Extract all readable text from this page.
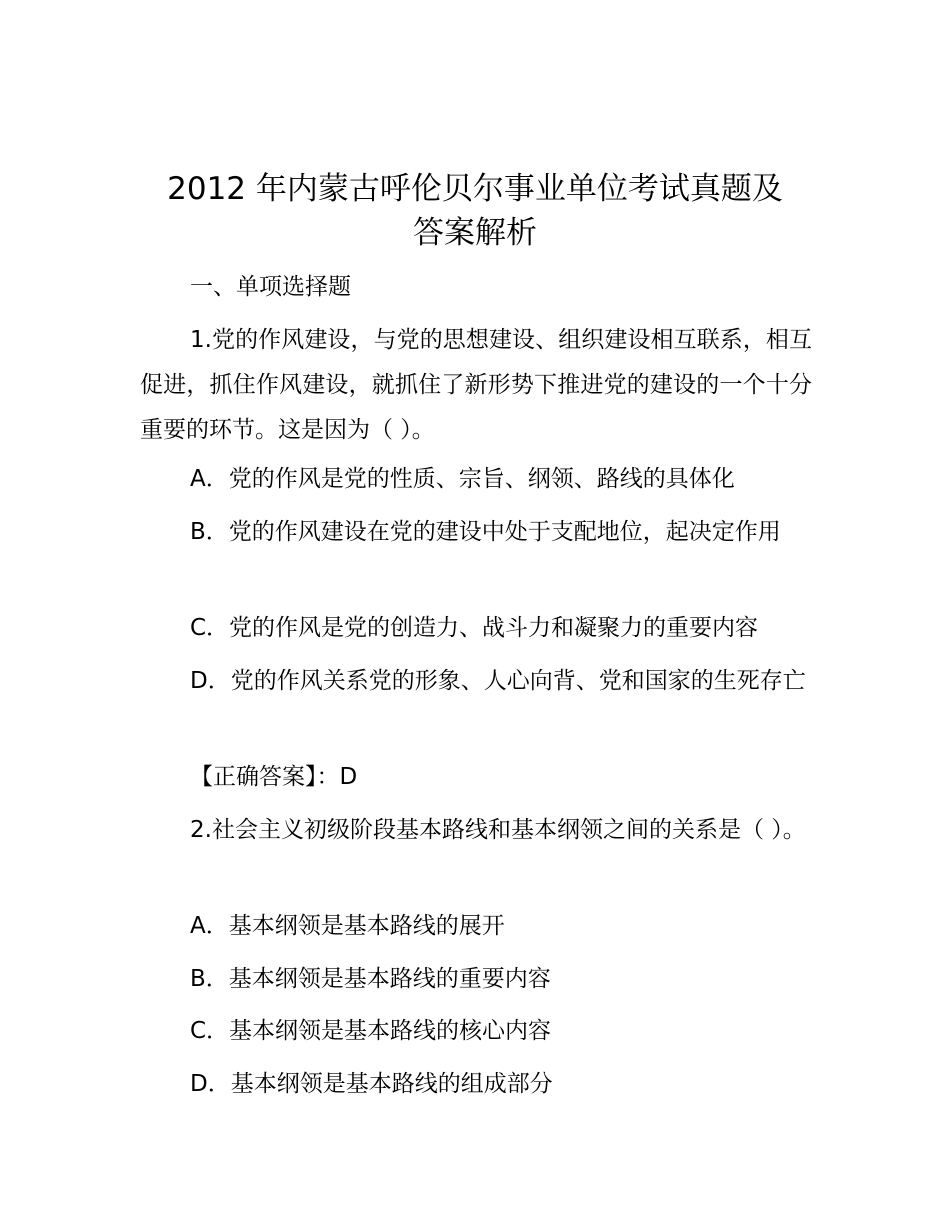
2012 年内蒙古呼伦贝尔事业单位考试真题及
答案解析

一、单项选择题

1.党的作风建设，与党的思想建设、组织建设相互联系，相互促进，抓住作风建设，就抓住了新形势下推进党的建设的一个十分重要的环节。这是因为（ ）。

A．党的作风是党的性质、宗旨、纲领、路线的具体化

B．党的作风建设在党的建设中处于支配地位，起决定作用

C．党的作风是党的创造力、战斗力和凝聚力的重要内容

D．党的作风关系党的形象、人心向背、党和国家的生死存亡

【正确答案】：D

2.社会主义初级阶段基本路线和基本纲领之间的关系是（ ）。

A．基本纲领是基本路线的展开

B．基本纲领是基本路线的重要内容

C．基本纲领是基本路线的核心内容

D．基本纲领是基本路线的组成部分
